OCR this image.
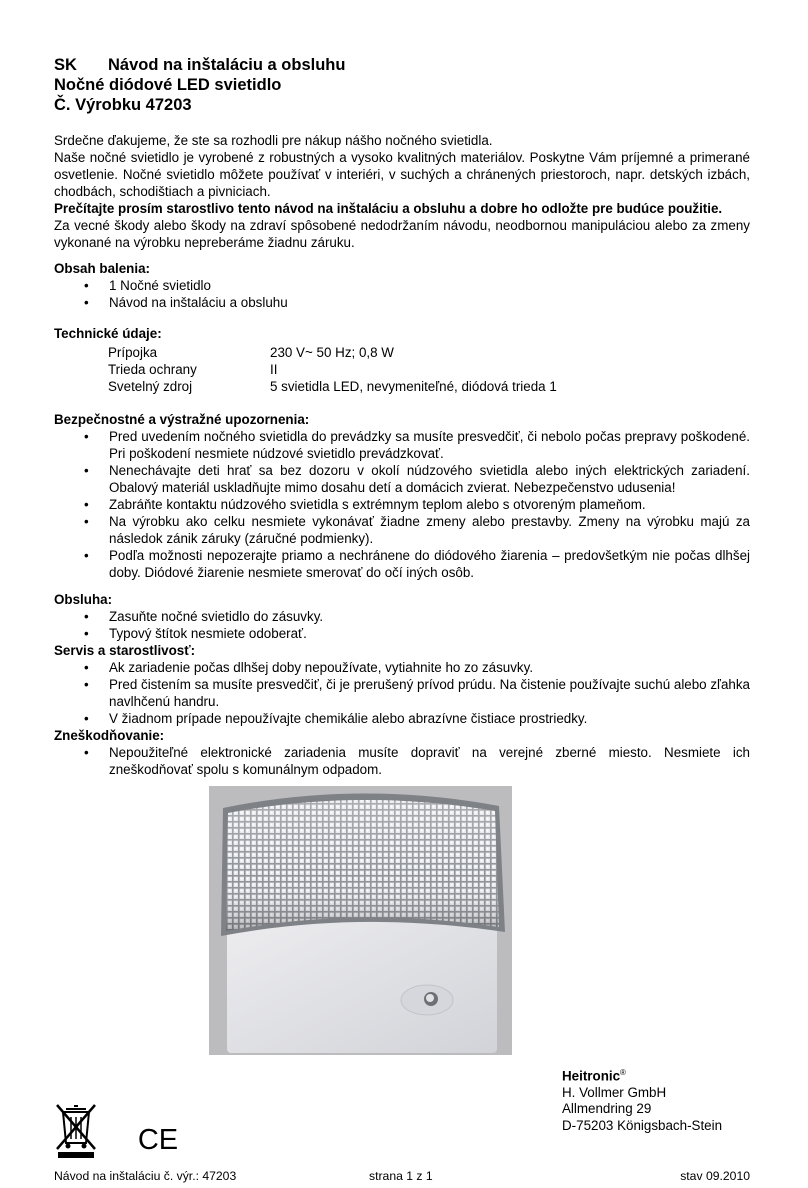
SK Návod na inštaláciu a obsluhu
Nočné diódové LED svietidlo
Č. Výrobku 47203

Srdečne ďakujeme, že ste sa rozhodli pre nákup nášho nočného svietidla.

Naše nočné svietidlo je vyrobené z robustných a vysoko kvalitných materiálov. Poskytne Vám príjemné a primerané osvetlenie. Nočné svietidlo môžete používať v interiéri, v suchých a chránených priestoroch, napr. detských izbách, chodbách, schodištiach a pivniciach.

Prečítajte prosím starostlivo tento návod na inštaláciu a obsluhu a dobre ho odložte pre budúce použitie.

Za vecné škody alebo škody na zdraví spôsobené nedodržaním návodu, neodbornou manipuláciou alebo za zmeny vykonané na výrobku nepreberáme žiadnu záruku.

Obsah balenia:
• 1 Nočné svietidlo
• Návod na inštaláciu a obsluhu
Technické údaje:
Prípojka	230 V~ 50 Hz; 0,8 W
Trieda ochrany	II
Svetelný zdroj	5 svietidla LED, nevymeniteľné, diódová trieda 1
Bezpečnostné a výstražné upozornenia:
• Pred uvedením nočného svietidla do prevádzky sa musíte presvedčiť, či nebolo počas prepravy poškodené. Pri poškodení nesmiete núdzové svietidlo prevádzkovať.
• Nenechávajte deti hrať sa bez dozoru v okolí núdzového svietidla alebo iných elektrických zariadení. Obalový materiál uskladňujte mimo dosahu detí a domácich zvierat. Nebezpečenstvo udusenia!
• Zabráňte kontaktu núdzového svietidla s extrémnym teplom alebo s otvoreným plameňom.
• Na výrobku ako celku nesmiete vykonávať žiadne zmeny alebo prestavby. Zmeny na výrobku majú za následok zánik záruky (záručné podmienky).
• Podľa možnosti nepozerajte priamo a nechránene do diódového žiarenia – predovšetkým nie počas dlhšej doby. Diódové žiarenie nesmiete smerovať do očí iných osôb.
Obsluha:
• Zasuňte nočné svietidlo do zásuvky.
• Typový štítok nesmiete odoberať.
Servis a starostlivosť:
• Ak zariadenie počas dlhšej doby nepoužívate, vytiahnite ho zo zásuvky.
• Pred čistením sa musíte presvedčiť, či je prerušený prívod prúdu. Na čistenie používajte suchú alebo zľahka navlhčenú handru.
• V žiadnom prípade nepoužívajte chemikálie alebo abrazívne čistiace prostriedky.
Zneškodňovanie:
• Nepoužiteľné elektronické zariadenia musíte dopraviť na verejné zberné miesto. Nesmiete ich zneškodňovať spolu s komunálnym odpadom.
Heitronic®
H. Vollmer GmbH
Allmendring 29
D-75203 Königsbach-Stein
CE
Návod na inštaláciu č. výr.: 47203	strana 1 z 1	stav 09.2010
